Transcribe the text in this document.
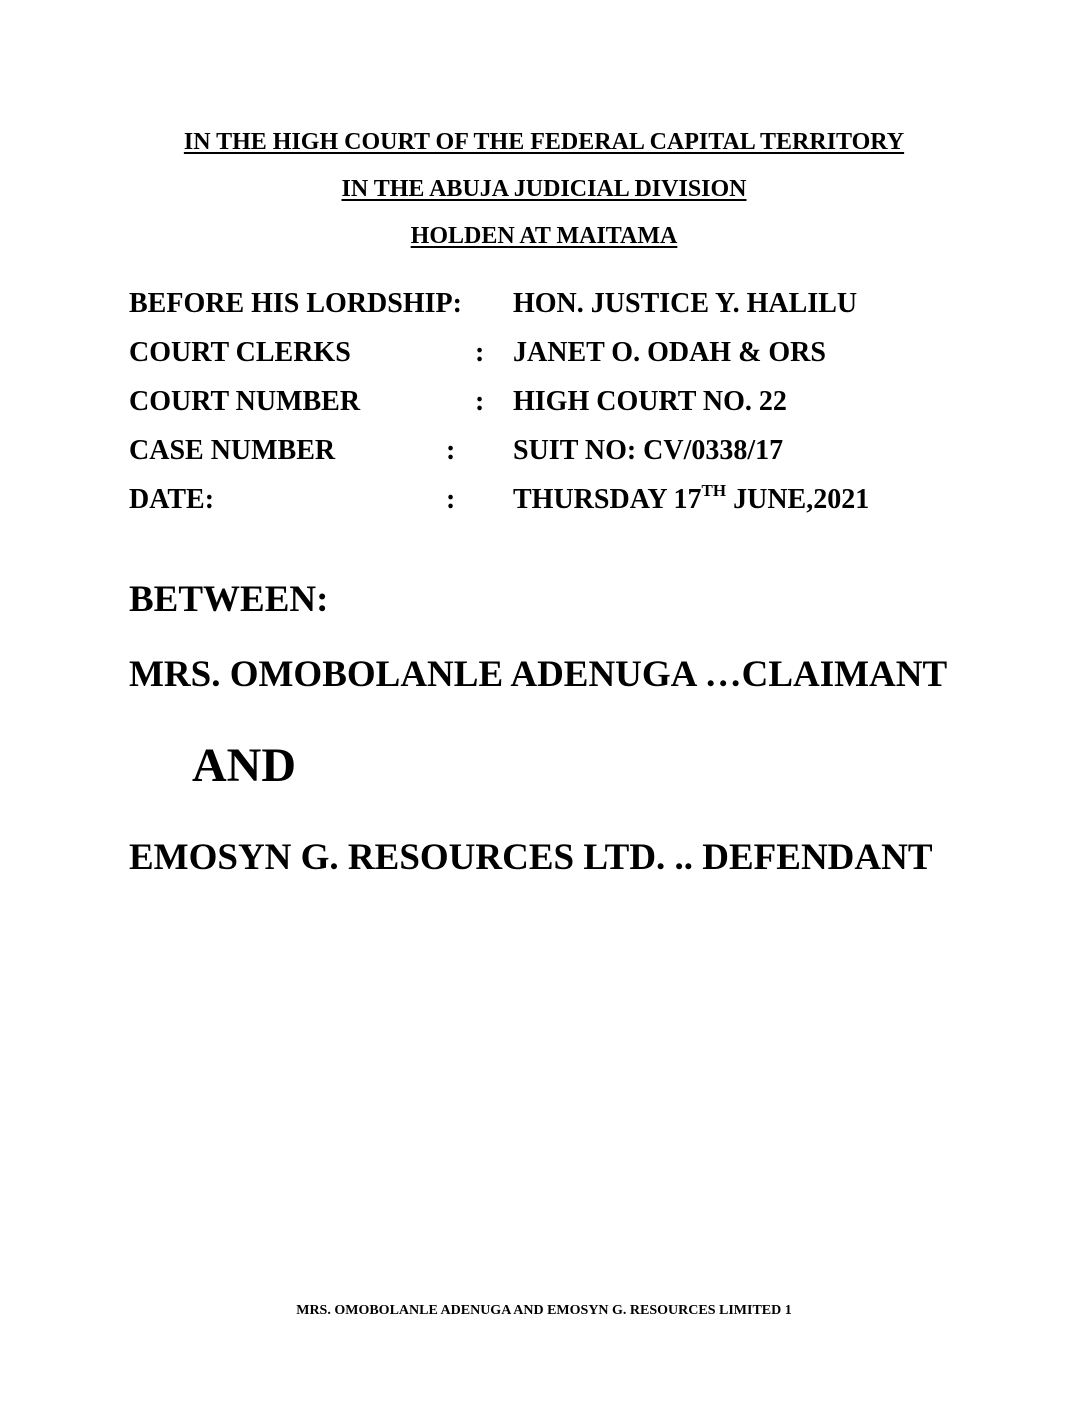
IN THE HIGH COURT OF THE FEDERAL CAPITAL TERRITORY
IN THE ABUJA JUDICIAL DIVISION
HOLDEN AT MAITAMA
BEFORE HIS LORDSHIP: HON. JUSTICE Y. HALILU
COURT CLERKS	: JANET O. ODAH & ORS
COURT NUMBER	: HIGH COURT NO. 22
CASE NUMBER	: SUIT NO: CV/0338/17
DATE:	: THURSDAY 17TH JUNE,2021
BETWEEN:
MRS. OMOBOLANLE ADENUGA …CLAIMANT
AND
EMOSYN G. RESOURCES LTD. .. DEFENDANT
MRS. OMOBOLANLE ADENUGA AND EMOSYN G. RESOURCES LIMITED 1
